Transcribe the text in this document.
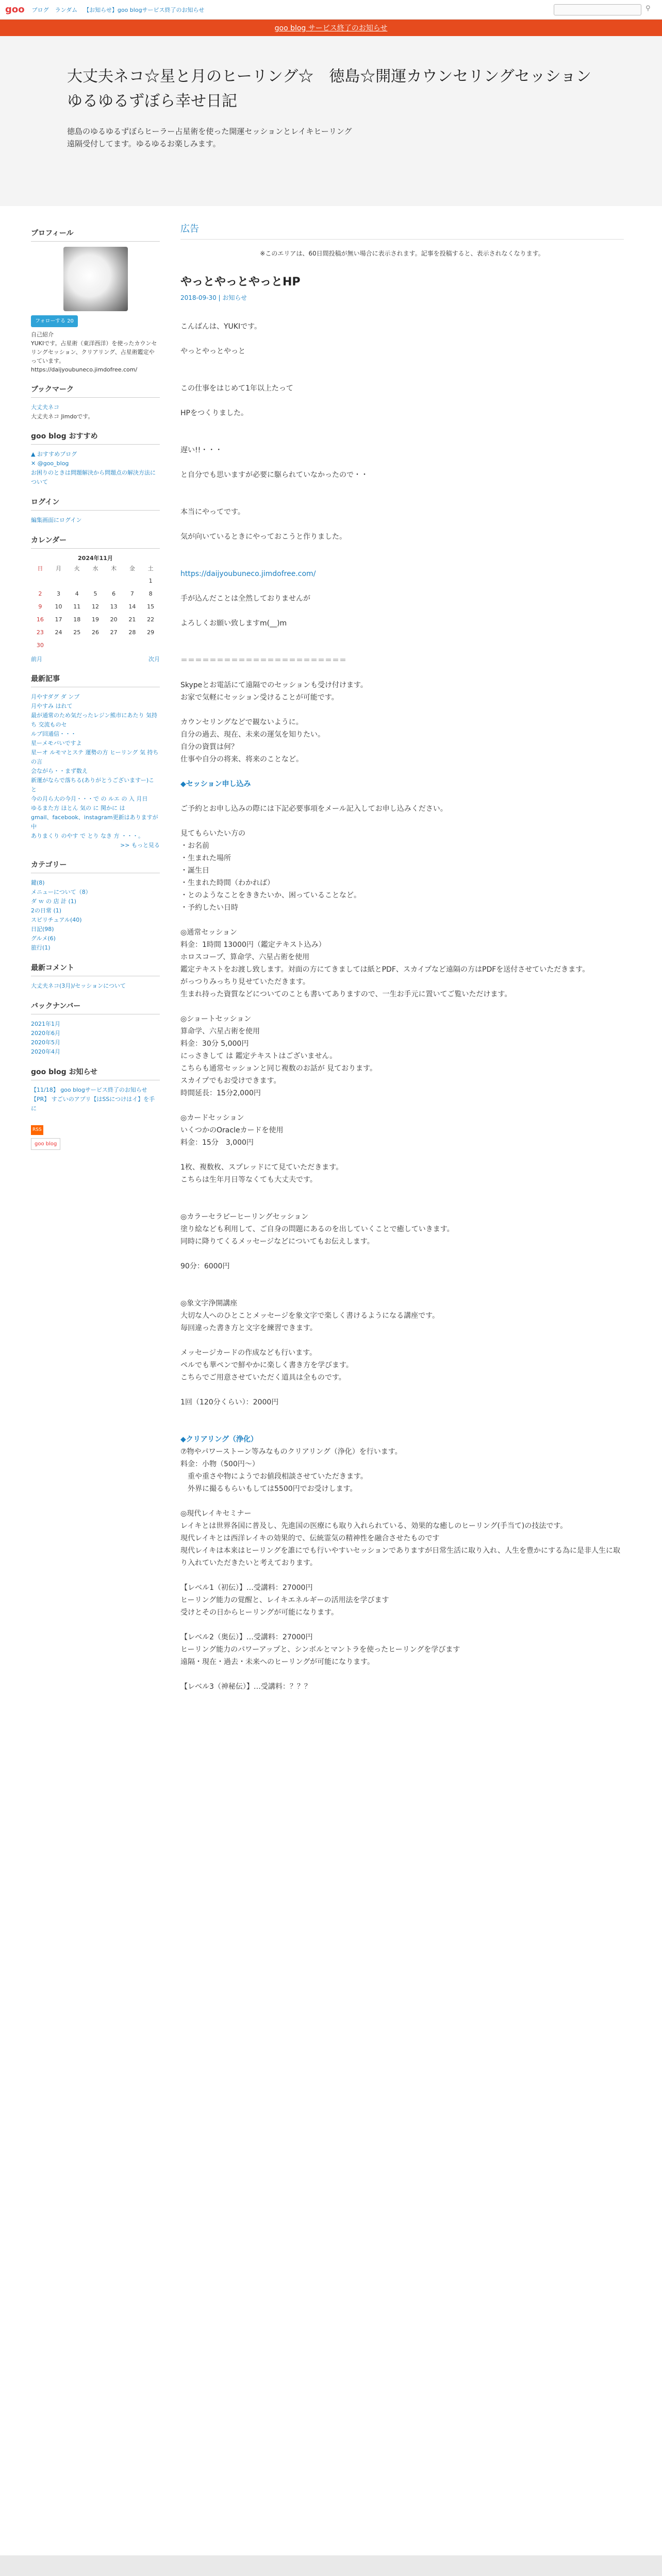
goo ブログ ランダム 【お知らせ】goo blogサービス終了のお知らせ	⚲
goo blog サービス終了のお知らせ
大丈夫ネコ☆星と月のヒーリング☆　徳島☆開運カウンセリングセッション　ゆるゆるずぼら幸せ日記
徳島のゆるゆるずぼらヒーラー占星術を使った開運セッションとレイキヒーリング
遠隔受付してます。ゆるゆるお楽しみます。
プロフィール
フォローする 20
自己紹介
YUKIです。占星術（東洋西洋）を使ったカウンセリングセッション、クリアリング、占星術鑑定やっています。https://daijyoubuneco.jimdofree.com/
ブックマーク
大丈夫ネコ
大丈夫ネコ Jimdoです。
goo blog おすすめ
▲ おすすめブログ
✕ @goo_blog
お困りのときは問題解決から問題点の解決方法について
ログイン
編集画面にログイン
カレンダー
2024年11月
日	月	火	水	木	金	土
						1
2	3	4	5	6	7	8
9	10	11	12	13	14	15
16	17	18	19	20	21	22
23	24	25	26	27	28	29
30						
前月	次月
最新記事
月やすダグ ダ ンブ
月やすみ はれて
最が通常のため気だったレジン熊市にあたり 気持ち 交流ものセ
ルブ回通信・・・
星ーメモバいですよ
星ーオ ルモマとステ 運勢の方 ヒーリング 気 持ち の言
会ながら・・まず数え
新運がならで落ちる(ありがとうございますー)こと
今の月ら大の今月・・・で の ルエ の 入 月日
ゆるまた方 ほとん 気の に 関かに は
gmail、facebook、instagram更新はありますが中
ありまくり のやす で とり なき 方 ・・・。
>> もっと見る
カテゴリー
鍵(8)
メニューについて（8）
ダ ｗ の 店 計 (1)
2の日常 (1)
スピリチュアル(40)
日記(98)
グルメ(6)
旅行(1)
最新コメント
大丈夫ネコ(3月)/セッションについて
バックナンバー
2021年1月
2020年6月
2020年5月
2020年4月
goo blog お知らせ
【11/18】 goo blogサービス終了のお知らせ
【PR】 すごいのアプリ【はSSにつけはイ】を手に
RSS
goo blog
広告
※このエリアは、60日間投稿が無い場合に表示されます。記事を投稿すると、表示されなくなります。
やっとやっとやっとHP
2018-09-30 | お知らせ

こんばんは、YUKIです。

やっとやっとやっと

この仕事をはじめて1年以上たって

HPをつくりました。

遅い!!・・・

と自分でも思いますが必要に駆られていなかったので・・

本当にやってです。

気が向いているときにやっておこうと作りました。

https://daijyoubuneco.jimdofree.com/

手が込んだことは全然しておりませんが

よろしくお願い致しますm(__)m

＝＝＝＝＝＝＝＝＝＝＝＝＝＝＝＝＝＝＝＝＝＝＝

Skypeとお電話にて遠隔でのセッションも受け付けます。

お家で気軽にセッション受けることが可能です。

カウンセリングなどで観ないように。

自分の過去、現在、未来の運気を知りたい。

自分の資質は何？

仕事や自分の将来、将来のことなど。

◆セッション申し込み

ご予約とお申し込みの際には下記必要事項をメール記入してお申し込みください。

見てもらいたい方の

・お名前

・生まれた場所

・誕生日

・生まれた時間（わかれば）

・とのようなことをききたいか、困っていることなど。

・予約したい日時

◎通常セッション

料金：1時間 13000円（鑑定テキスト込み）

ホロスコープ、算命学、六星占術を使用

鑑定テキストをお渡し致します。対面の方にてきましては紙とPDF、スカイプなど遠隔の方はPDFを送付させていただきます。

がっつりみっちり見せていただきます。

生まれ持った資質などについてのことも書いてありますので、一生お手元に置いてご覧いただけます。

◎ショートセッション

算命学、六星占術を使用

料金：30分 5,000円

にっさきして は 鑑定テキストはございません。

こちらも通常セッションと同じ複数のお話が 見ております。

スカイプでもお受けできます。

時間延長：15分2,000円

◎カードセッション

いくつかのOracleカードを使用

料金：15分　3,000円

1枚、複数枚、スプレッドにて見ていただきます。

こちらは生年月日等なくても大丈夫です。

◎カラーセラピーヒーリングセッション

塗り絵なども利用して、ご自身の問題にあるのを出していくことで癒していきます。

同時に降りてくるメッセージなどについてもお伝えします。

90分：6000円

◎象文字浄開講座

大切な人へのひとことメッセージを象文字で楽しく書けるようになる講座です。

毎回違った書き方と文字を練習できます。

メッセージカードの作成なども行います。

ペルでも華ペンで鮮やかに楽しく書き方を学びます。

こちらでご用意させていただく道具は全ものです。

1回（120分くらい）：2000円

◆クリアリング（浄化）

⑦物やパワーストーン等みなものクリアリング（浄化）を行います。

料金：小物（500円〜）

　重や重さや物にようでお値段相談させていただきます。

　外界に撮るもらいもしては5500円でお受けします。

◎現代レイキセミナー

レイキとは世界各国に普及し、先進国の医療にも取り入れられている、効果的な癒しのヒーリング(手当て)の技法です。

現代レイキとは西洋レイキの効果的で、伝統霊気の精神性を融合させたものです

現代レイキは本来はヒーリングを誰にでも行いやすいセッションでありますが日常生活に取り入れ、人生を豊かにする為に是非人生に取り入れていただきたいと考えております。

【レベル1（初伝）】…受講料：27000円

ヒーリング能力の覚醒と、レイキエネルギーの活用法を学びます

受けとその日からヒーリングが可能になります。

【レベル2（奥伝）】…受講料：27000円

ヒーリング能力のパワーアップと、シンボルとマントラを使ったヒーリングを学びます

遠隔・現在・過去・未来へのヒーリングが可能になります。

【レベル3（神秘伝）】…受講料：？？？
